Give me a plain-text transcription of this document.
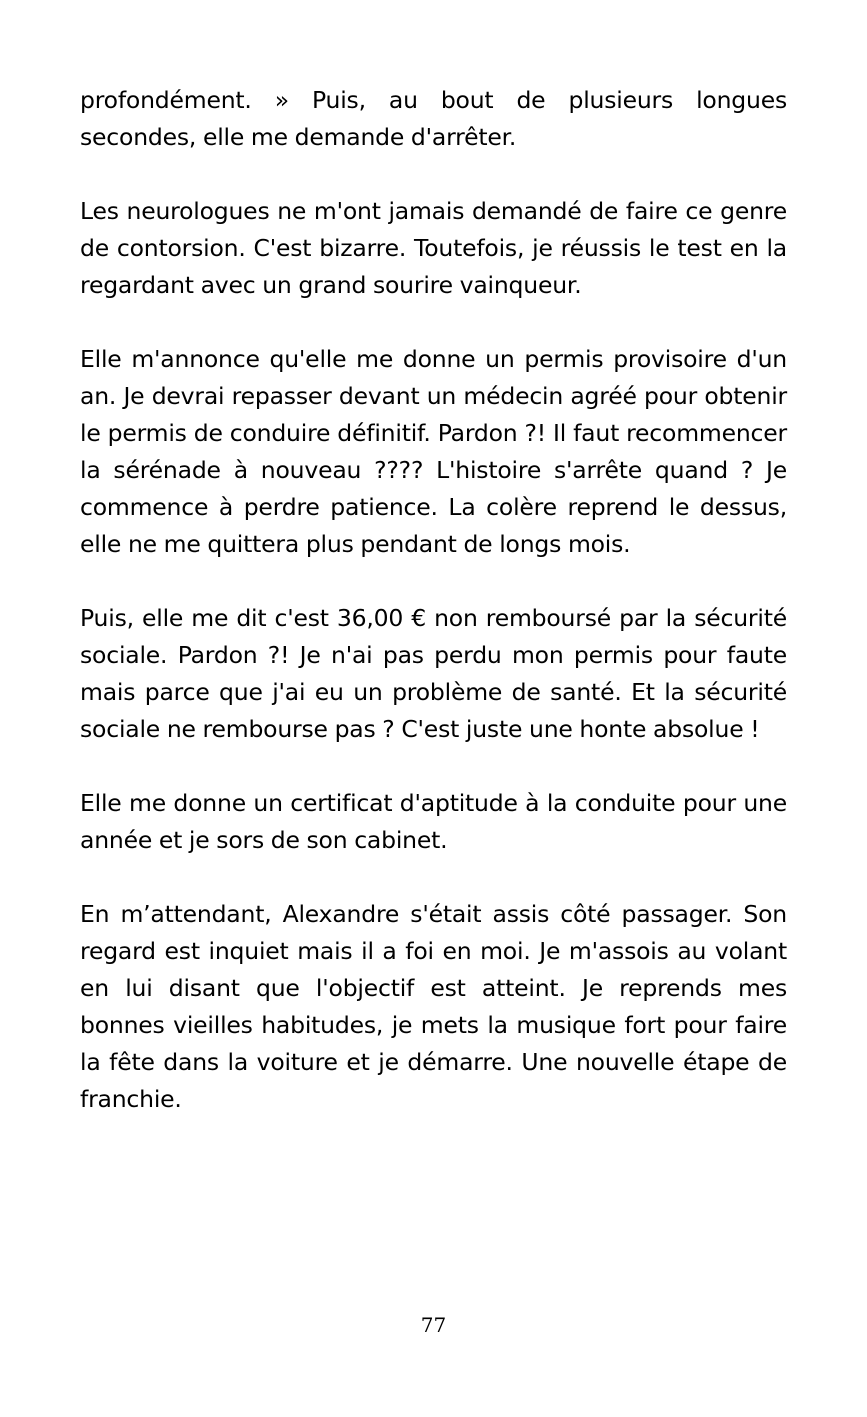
profondément. » Puis, au bout de plusieurs longues secondes, elle me demande d'arrêter.

Les neurologues ne m'ont jamais demandé de faire ce genre de contorsion. C'est bizarre. Toutefois, je réussis le test en la regardant avec un grand sourire vainqueur.

Elle m'annonce qu'elle me donne un permis provisoire d'un an. Je devrai repasser devant un médecin agréé pour obtenir le permis de conduire définitif. Pardon ?! Il faut recommencer la sérénade à nouveau ???? L'histoire s'arrête quand ? Je commence à perdre patience. La colère reprend le dessus, elle ne me quittera plus pendant de longs mois.

Puis, elle me dit c'est 36,00 € non remboursé par la sécurité sociale. Pardon ?! Je n'ai pas perdu mon permis pour faute mais parce que j'ai eu un problème de santé. Et la sécurité sociale ne rembourse pas ? C'est juste une honte absolue !

Elle me donne un certificat d'aptitude à la conduite pour une année et je sors de son cabinet.

En m’attendant, Alexandre s'était assis côté passager. Son regard est inquiet mais il a foi en moi. Je m'assois au volant en lui disant que l'objectif est atteint. Je reprends mes bonnes vieilles habitudes, je mets la musique fort pour faire la fête dans la voiture et je démarre. Une nouvelle étape de franchie.

77
